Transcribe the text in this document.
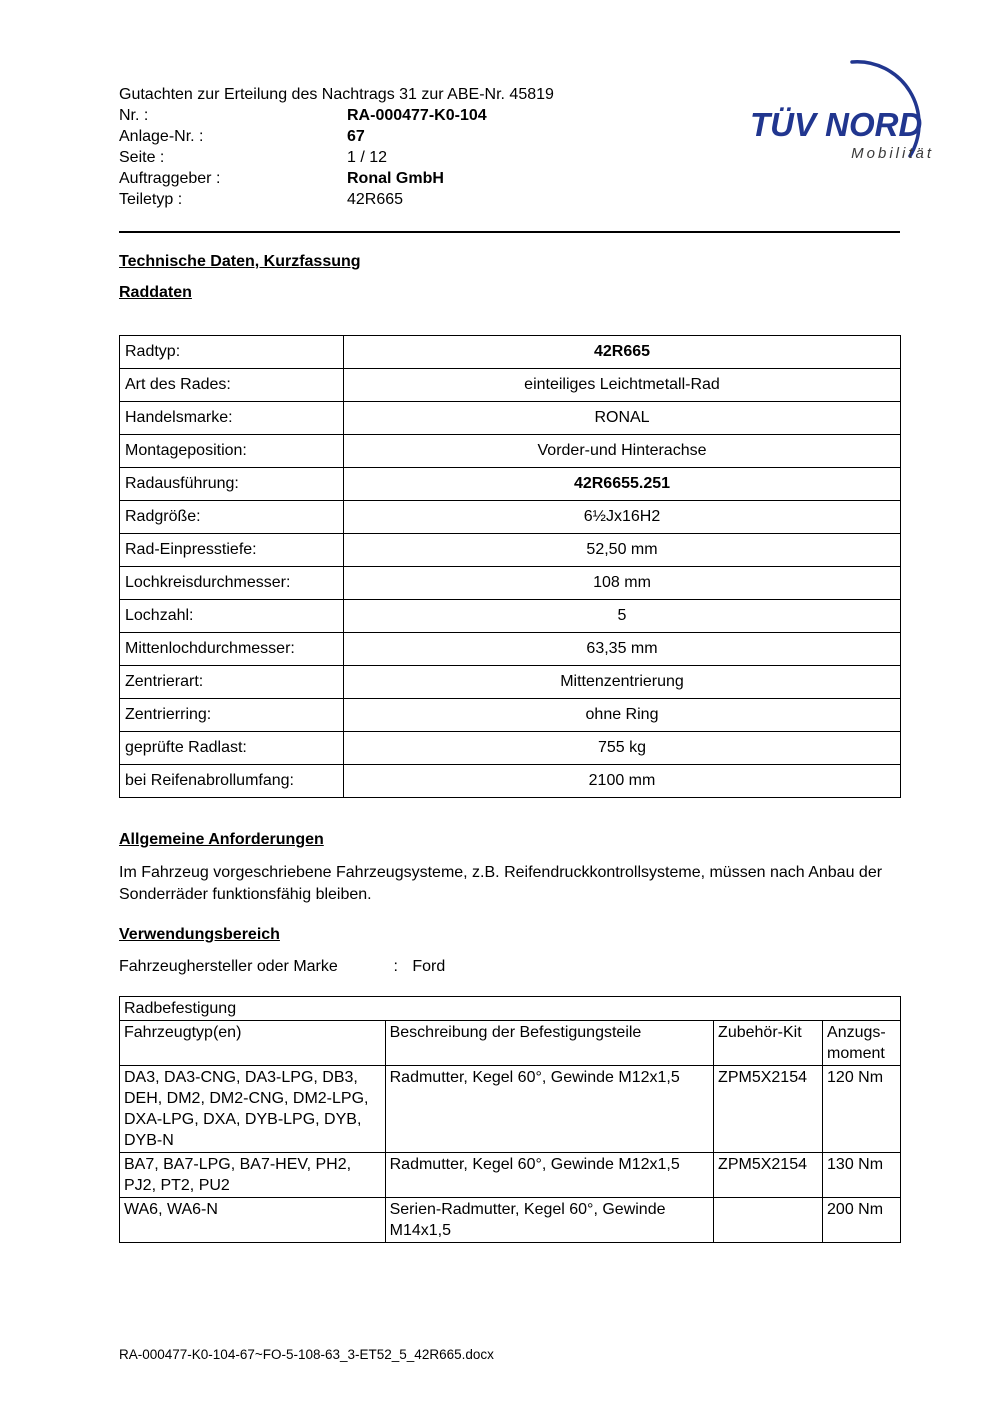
Gutachten zur Erteilung des Nachtrags 31 zur ABE-Nr. 45819
Nr. :	RA-000477-K0-104
Anlage-Nr. :	67
Seite :	1 / 12
Auftraggeber :	Ronal GmbH
Teiletyp :	42R665
TÜV NORD
Mobilität
Technische Daten, Kurzfassung
Raddaten
Radtyp:	42R665
Art des Rades:	einteiliges Leichtmetall-Rad
Handelsmarke:	RONAL
Montageposition:	Vorder-und Hinterachse
Radausführung:	42R6655.251
Radgröße:	6½Jx16H2
Rad-Einpresstiefe:	52,50 mm
Lochkreisdurchmesser:	108 mm
Lochzahl:	5
Mittenlochdurchmesser:	63,35 mm
Zentrierart:	Mittenzentrierung
Zentrierring:	ohne Ring
geprüfte Radlast:	755 kg
bei Reifenabrollumfang:	2100 mm
Allgemeine Anforderungen
Im Fahrzeug vorgeschriebene Fahrzeugsysteme, z.B. Reifendruckkontrollsysteme, müssen nach Anbau der Sonderräder funktionsfähig bleiben.
Verwendungsbereich
Fahrzeughersteller oder Marke	: Ford
Radbefestigung			
Fahrzeugtyp(en)	Beschreibung der Befestigungsteile	Zubehör-Kit	Anzugs-
moment
DA3, DA3-CNG, DA3-LPG, DB3, DEH, DM2, DM2-CNG, DM2-LPG, DXA-LPG, DXA, DYB-LPG, DYB, DYB-N	Radmutter, Kegel 60°, Gewinde M12x1,5	ZPM5X2154	120 Nm
BA7, BA7-LPG, BA7-HEV, PH2, PJ2, PT2, PU2	Radmutter, Kegel 60°, Gewinde M12x1,5	ZPM5X2154	130 Nm
WA6, WA6-N	Serien-Radmutter, Kegel 60°, Gewinde M14x1,5		200 Nm
RA-000477-K0-104-67~FO-5-108-63_3-ET52_5_42R665.docx
